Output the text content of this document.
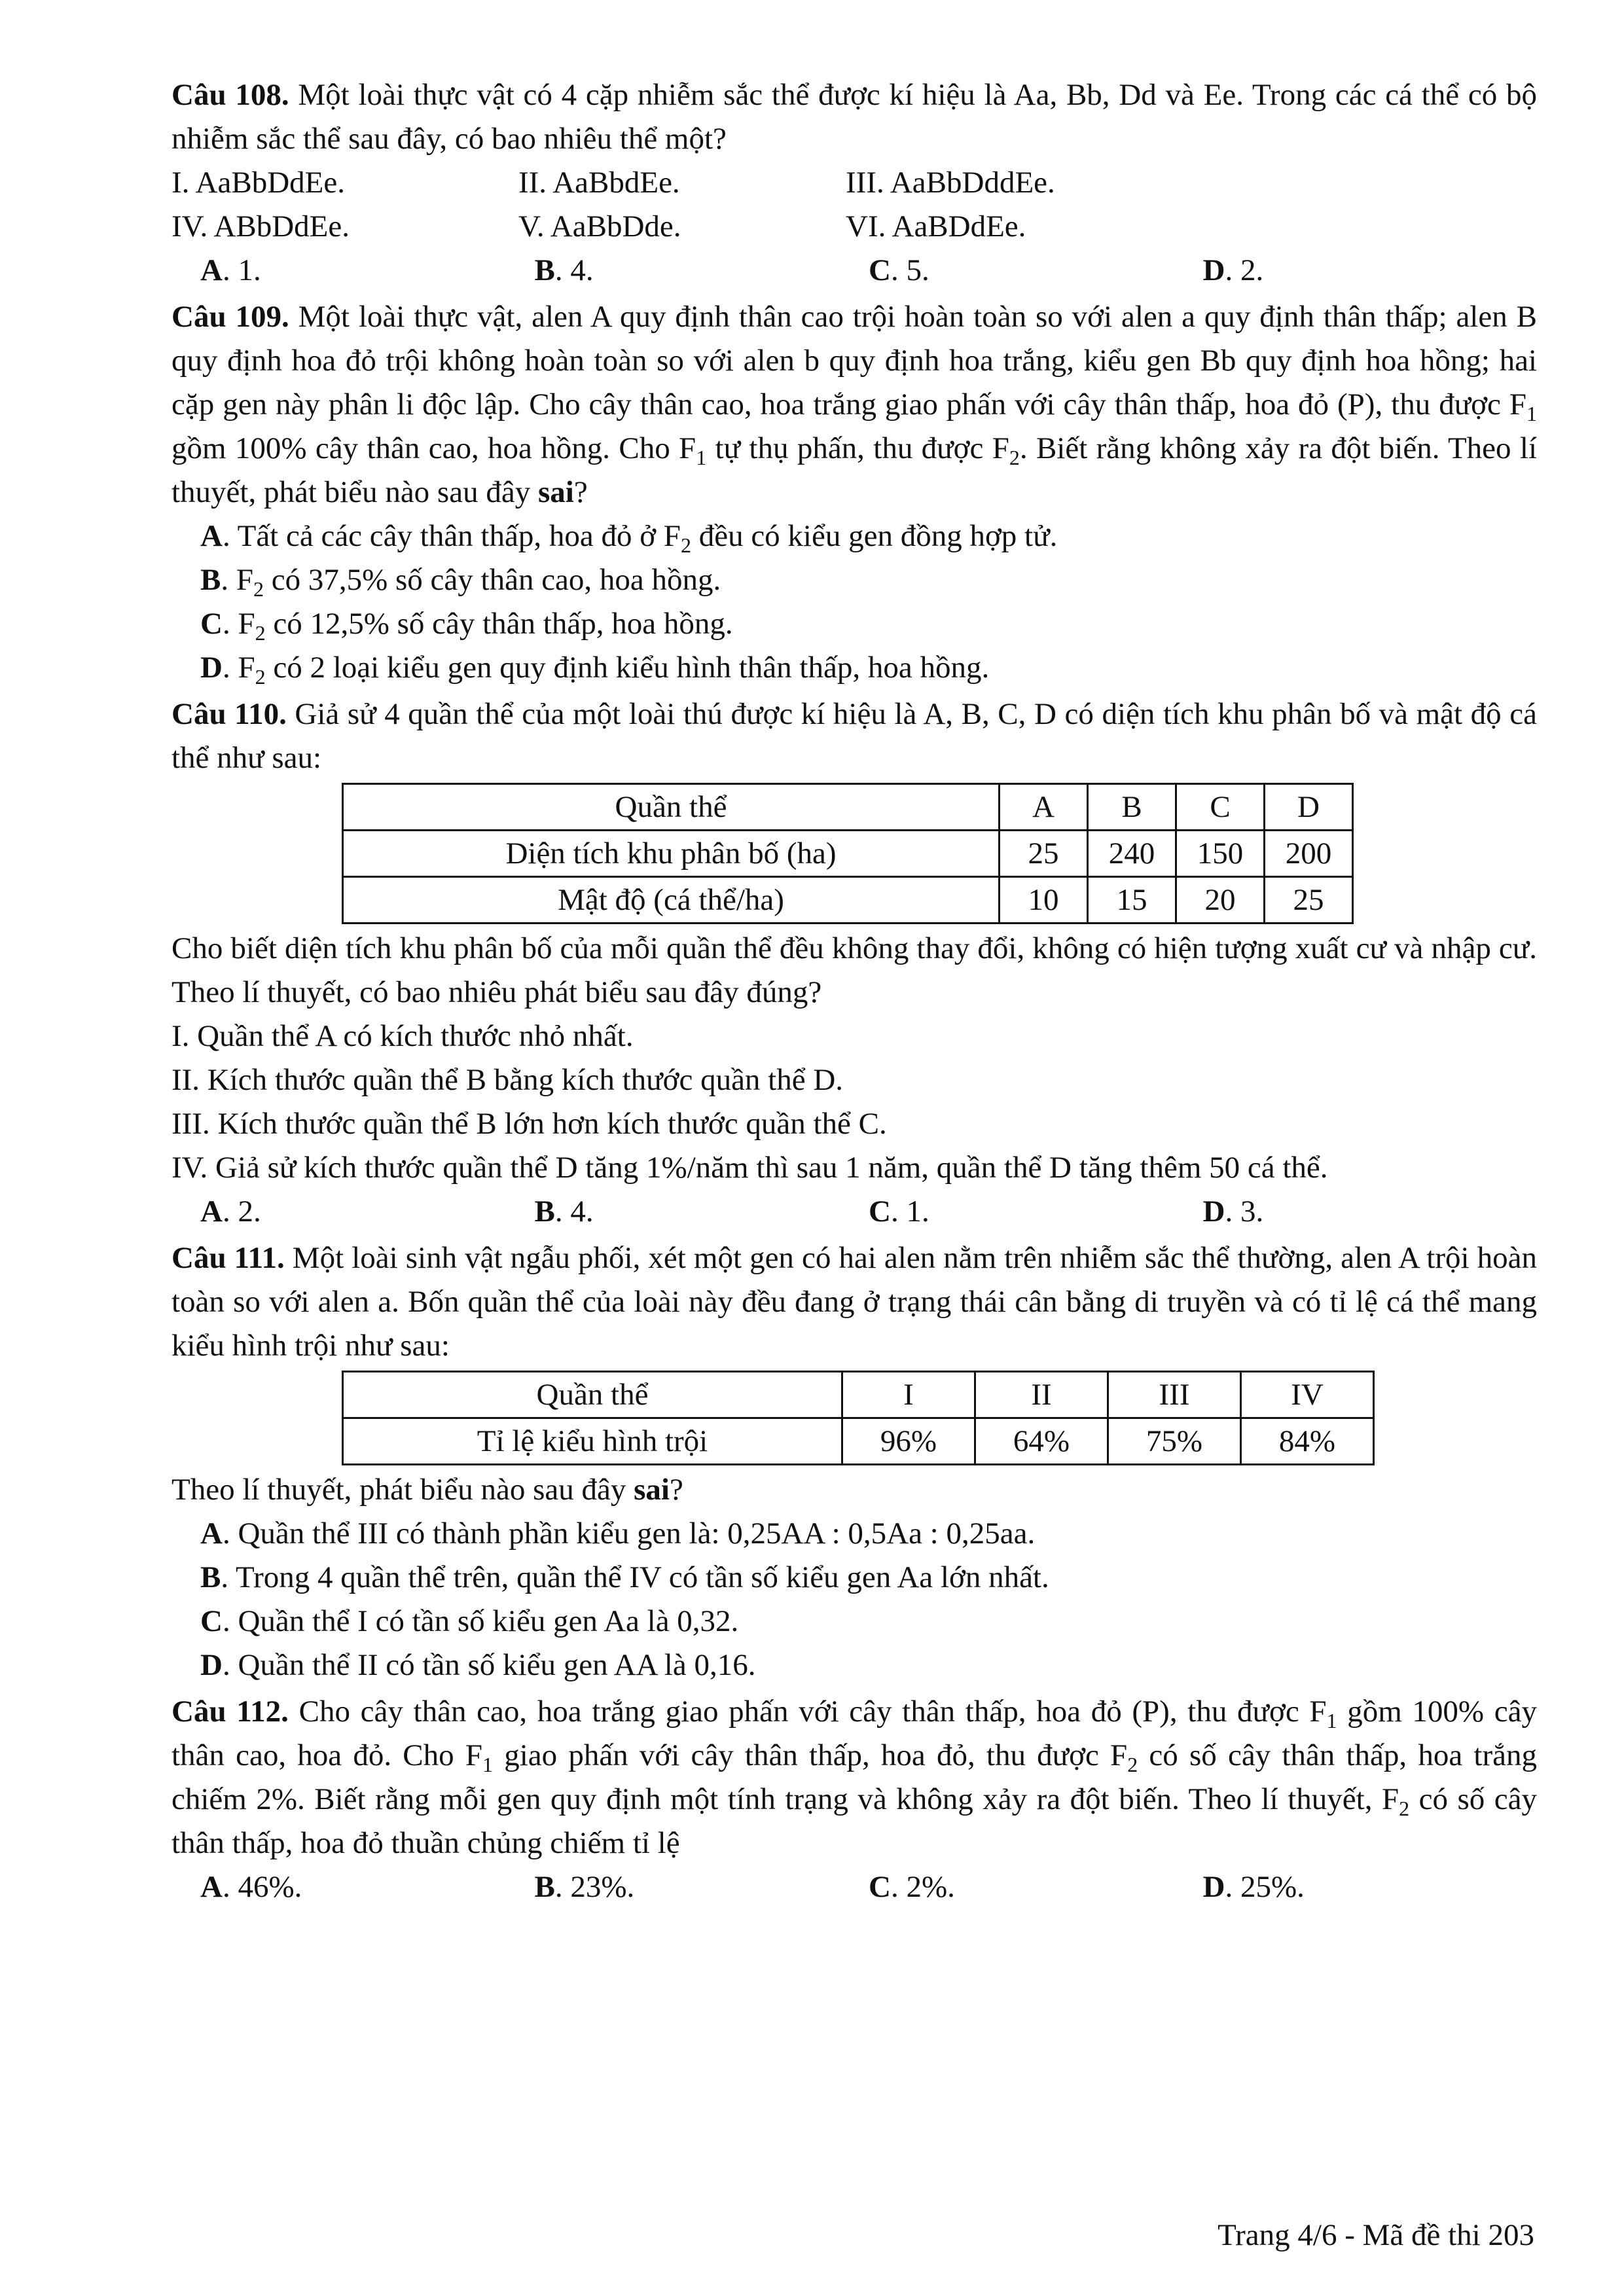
Câu 108. Một loài thực vật có 4 cặp nhiễm sắc thể được kí hiệu là Aa, Bb, Dd và Ee. Trong các cá thể có bộ nhiễm sắc thể sau đây, có bao nhiêu thể một?

I. AaBbDdEe.	II. AaBbdEe.	III. AaBbDddEe.
IV. ABbDdEe.	V. AaBbDde.	VI. AaBDdEe.
A. 1.	B. 4.	C. 5.	D. 2.

Câu 109. Một loài thực vật, alen A quy định thân cao trội hoàn toàn so với alen a quy định thân thấp; alen B quy định hoa đỏ trội không hoàn toàn so với alen b quy định hoa trắng, kiểu gen Bb quy định hoa hồng; hai cặp gen này phân li độc lập. Cho cây thân cao, hoa trắng giao phấn với cây thân thấp, hoa đỏ (P), thu được $F_1$ gồm 100% cây thân cao, hoa hồng. Cho $F_1$ tự thụ phấn, thu được $F_2$. Biết rằng không xảy ra đột biến. Theo lí thuyết, phát biểu nào sau đây sai?

A. Tất cả các cây thân thấp, hoa đỏ ở $F_2$ đều có kiểu gen đồng hợp tử.

B. $F_2$ có 37,5% số cây thân cao, hoa hồng.

C. $F_2$ có 12,5% số cây thân thấp, hoa hồng.

D. $F_2$ có 2 loại kiểu gen quy định kiểu hình thân thấp, hoa hồng.

Câu 110. Giả sử 4 quần thể của một loài thú được kí hiệu là A, B, C, D có diện tích khu phân bố và mật độ cá thể như sau:

Quần thể	A	B	C	D
Diện tích khu phân bố (ha)	25	240	150	200
Mật độ (cá thể/ha)	10	15	20	25

Cho biết diện tích khu phân bố của mỗi quần thể đều không thay đổi, không có hiện tượng xuất cư và nhập cư. Theo lí thuyết, có bao nhiêu phát biểu sau đây đúng?

I. Quần thể A có kích thước nhỏ nhất.

II. Kích thước quần thể B bằng kích thước quần thể D.

III. Kích thước quần thể B lớn hơn kích thước quần thể C.

IV. Giả sử kích thước quần thể D tăng 1%/năm thì sau 1 năm, quần thể D tăng thêm 50 cá thể.

A. 2.	B. 4.	C. 1.	D. 3.

Câu 111. Một loài sinh vật ngẫu phối, xét một gen có hai alen nằm trên nhiễm sắc thể thường, alen A trội hoàn toàn so với alen a. Bốn quần thể của loài này đều đang ở trạng thái cân bằng di truyền và có tỉ lệ cá thể mang kiểu hình trội như sau:

Quần thể	I	II	III	IV
Tỉ lệ kiểu hình trội	96%	64%	75%	84%

Theo lí thuyết, phát biểu nào sau đây sai?

A. Quần thể III có thành phần kiểu gen là: 0,25AA : 0,5Aa : 0,25aa.

B. Trong 4 quần thể trên, quần thể IV có tần số kiểu gen Aa lớn nhất.

C. Quần thể I có tần số kiểu gen Aa là 0,32.

D. Quần thể II có tần số kiểu gen AA là 0,16.

Câu 112. Cho cây thân cao, hoa trắng giao phấn với cây thân thấp, hoa đỏ (P), thu được $F_1$ gồm 100% cây thân cao, hoa đỏ. Cho $F_1$ giao phấn với cây thân thấp, hoa đỏ, thu được $F_2$ có số cây thân thấp, hoa trắng chiếm 2%. Biết rằng mỗi gen quy định một tính trạng và không xảy ra đột biến. Theo lí thuyết, $F_2$ có số cây thân thấp, hoa đỏ thuần chủng chiếm tỉ lệ

A. 46%.	B. 23%.	C. 2%.	D. 25%.
Trang 4/6 - Mã đề thi 203
